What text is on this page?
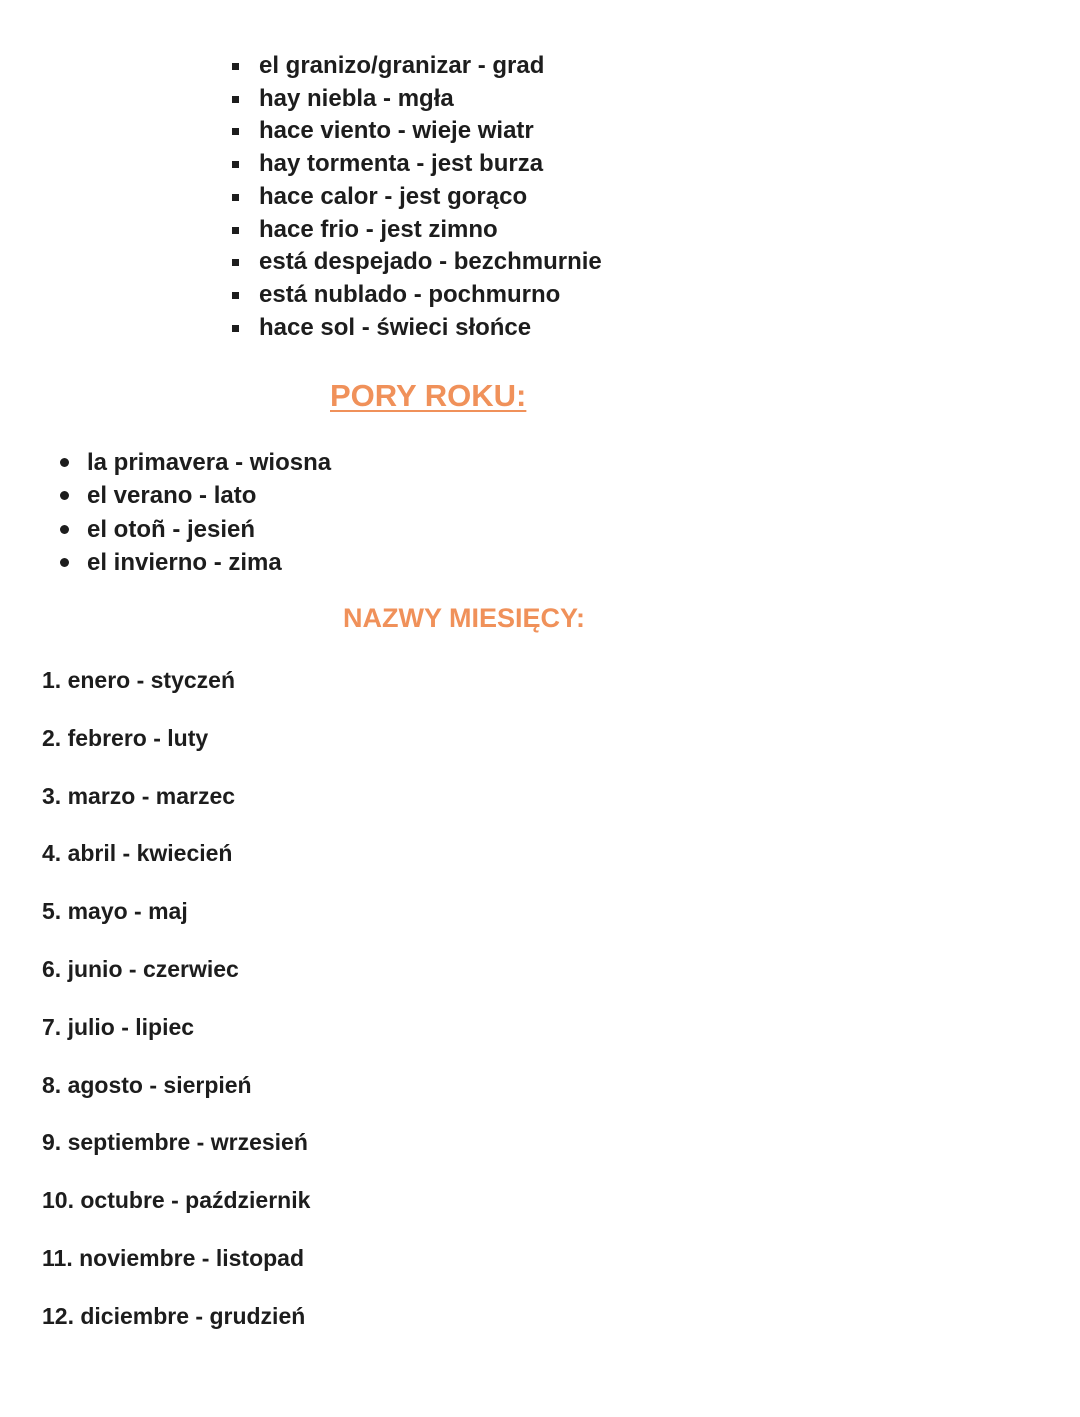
el granizo/granizar - grad
hay niebla - mgła
hace viento - wieje wiatr
hay tormenta - jest burza
hace calor - jest gorąco
hace frio - jest zimno
está despejado - bezchmurnie
está nublado - pochmurno
hace sol - świeci słońce
PORY ROKU:
la primavera - wiosna
el verano - lato
el otoñ - jesień
el invierno - zima
NAZWY MIESIĘCY:
1. enero - styczeń
2. febrero - luty
3. marzo - marzec
4. abril - kwiecień
5. mayo - maj
6. junio - czerwiec
7. julio - lipiec
8. agosto - sierpień
9. septiembre - wrzesień
10. octubre - październik
11. noviembre - listopad
12. diciembre - grudzień
